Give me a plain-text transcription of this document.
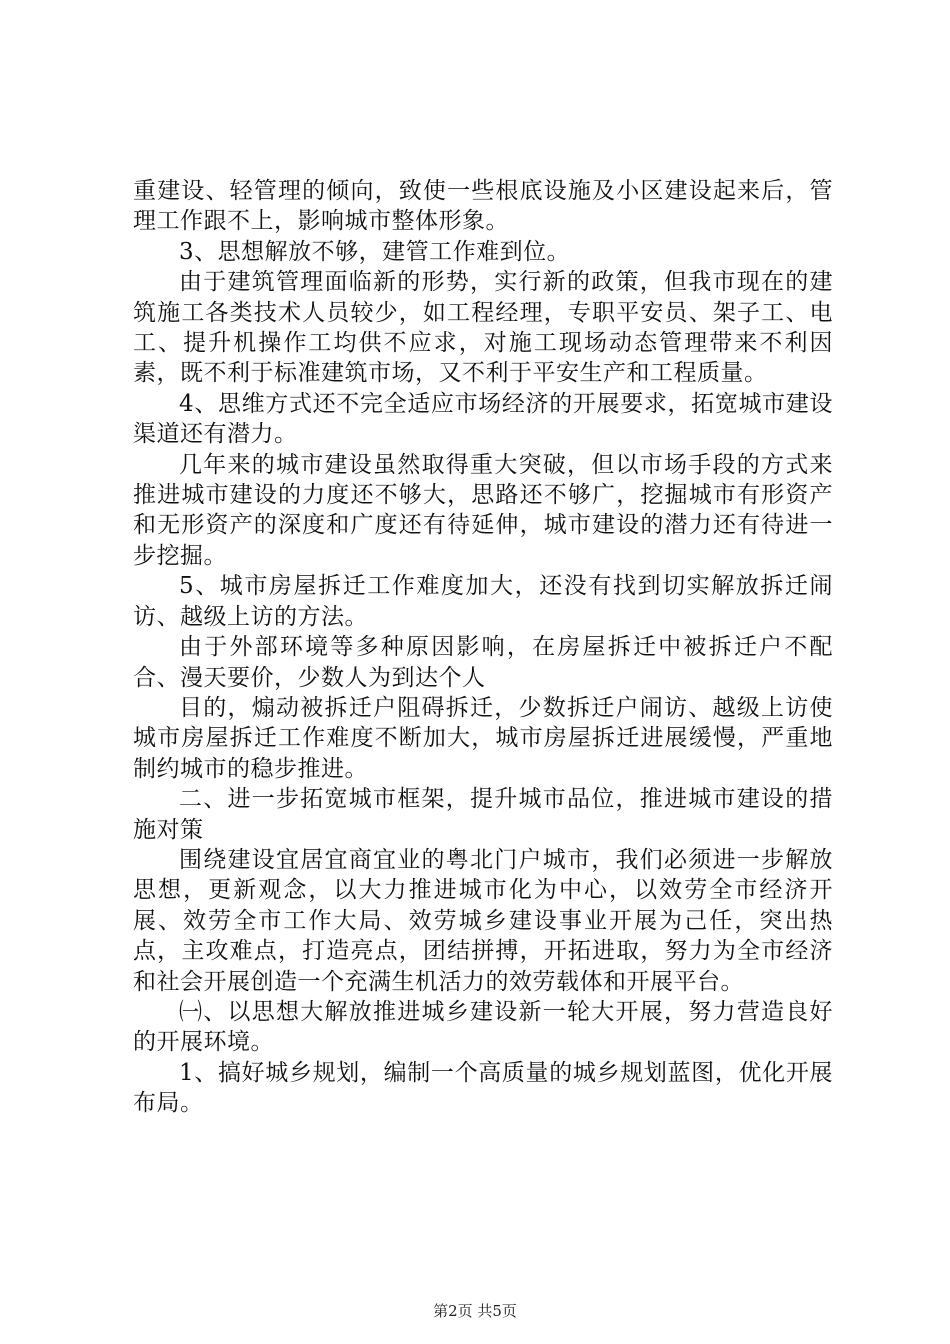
重建设、轻管理的倾向，致使一些根底设施及小区建设起来后，管理工作跟不上，影响城市整体形象。

3、思想解放不够，建管工作难到位。

由于建筑管理面临新的形势，实行新的政策，但我市现在的建筑施工各类技术人员较少，如工程经理，专职平安员、架子工、电工、提升机操作工均供不应求，对施工现场动态管理带来不利因素，既不利于标准建筑市场，又不利于平安生产和工程质量。

4、思维方式还不完全适应市场经济的开展要求，拓宽城市建设渠道还有潜力。

几年来的城市建设虽然取得重大突破，但以市场手段的方式来推进城市建设的力度还不够大，思路还不够广，挖掘城市有形资产和无形资产的深度和广度还有待延伸，城市建设的潜力还有待进一步挖掘。

5、城市房屋拆迁工作难度加大，还没有找到切实解放拆迁闹访、越级上访的方法。

由于外部环境等多种原因影响，在房屋拆迁中被拆迁户不配合、漫天要价，少数人为到达个人

目的，煽动被拆迁户阻碍拆迁，少数拆迁户闹访、越级上访使城市房屋拆迁工作难度不断加大，城市房屋拆迁进展缓慢，严重地制约城市的稳步推进。

二、进一步拓宽城市框架，提升城市品位，推进城市建设的措施对策

围绕建设宜居宜商宜业的粤北门户城市，我们必须进一步解放思想，更新观念，以大力推进城市化为中心，以效劳全市经济开展、效劳全市工作大局、效劳城乡建设事业开展为己任，突出热点，主攻难点，打造亮点，团结拼搏，开拓进取，努力为全市经济和社会开展创造一个充满生机活力的效劳载体和开展平台。

㈠、以思想大解放推进城乡建设新一轮大开展，努力营造良好的开展环境。

1、搞好城乡规划，编制一个高质量的城乡规划蓝图，优化开展布局。

第2页 共5页
